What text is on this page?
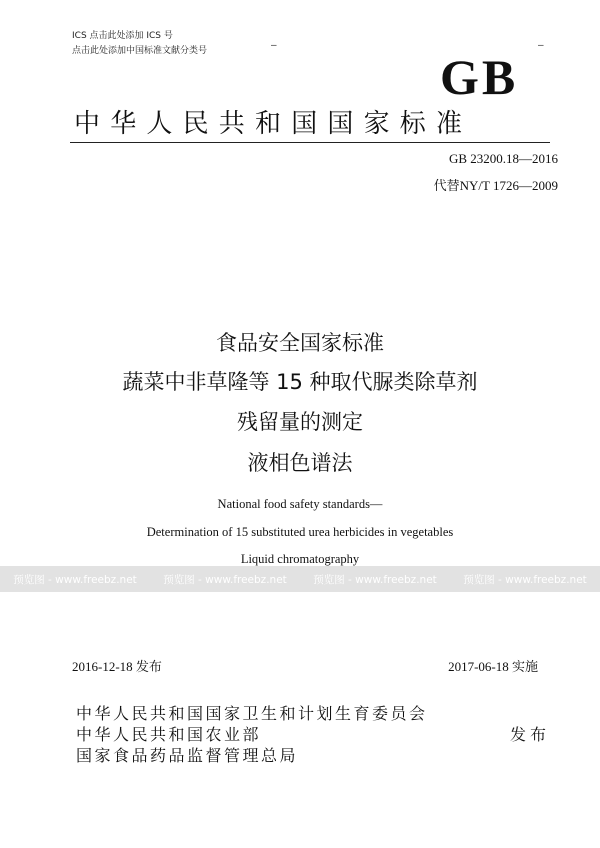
ICS 点击此处添加 ICS 号
点击此处添加中国标准文献分类号	–	–
GB
中华人民共和国国家标准
GB 23200.18—2016
代替NY/T 1726—2009
食品安全国家标准
蔬菜中非草隆等 15 种取代脲类除草剂
残留量的测定
液相色谱法
National food safety standards—
Determination of 15 substituted urea herbicides in vegetables
Liquid chromatography
预览图 - www.freebz.net	预览图 - www.freebz.net	预览图 - www.freebz.net	预览图 - www.freebz.net
2016-12-18 发布	2017-06-18 实施
中华人民共和国国家卫生和计划生育委员会
中华人民共和国农业部
国家食品药品监督管理总局
发布
